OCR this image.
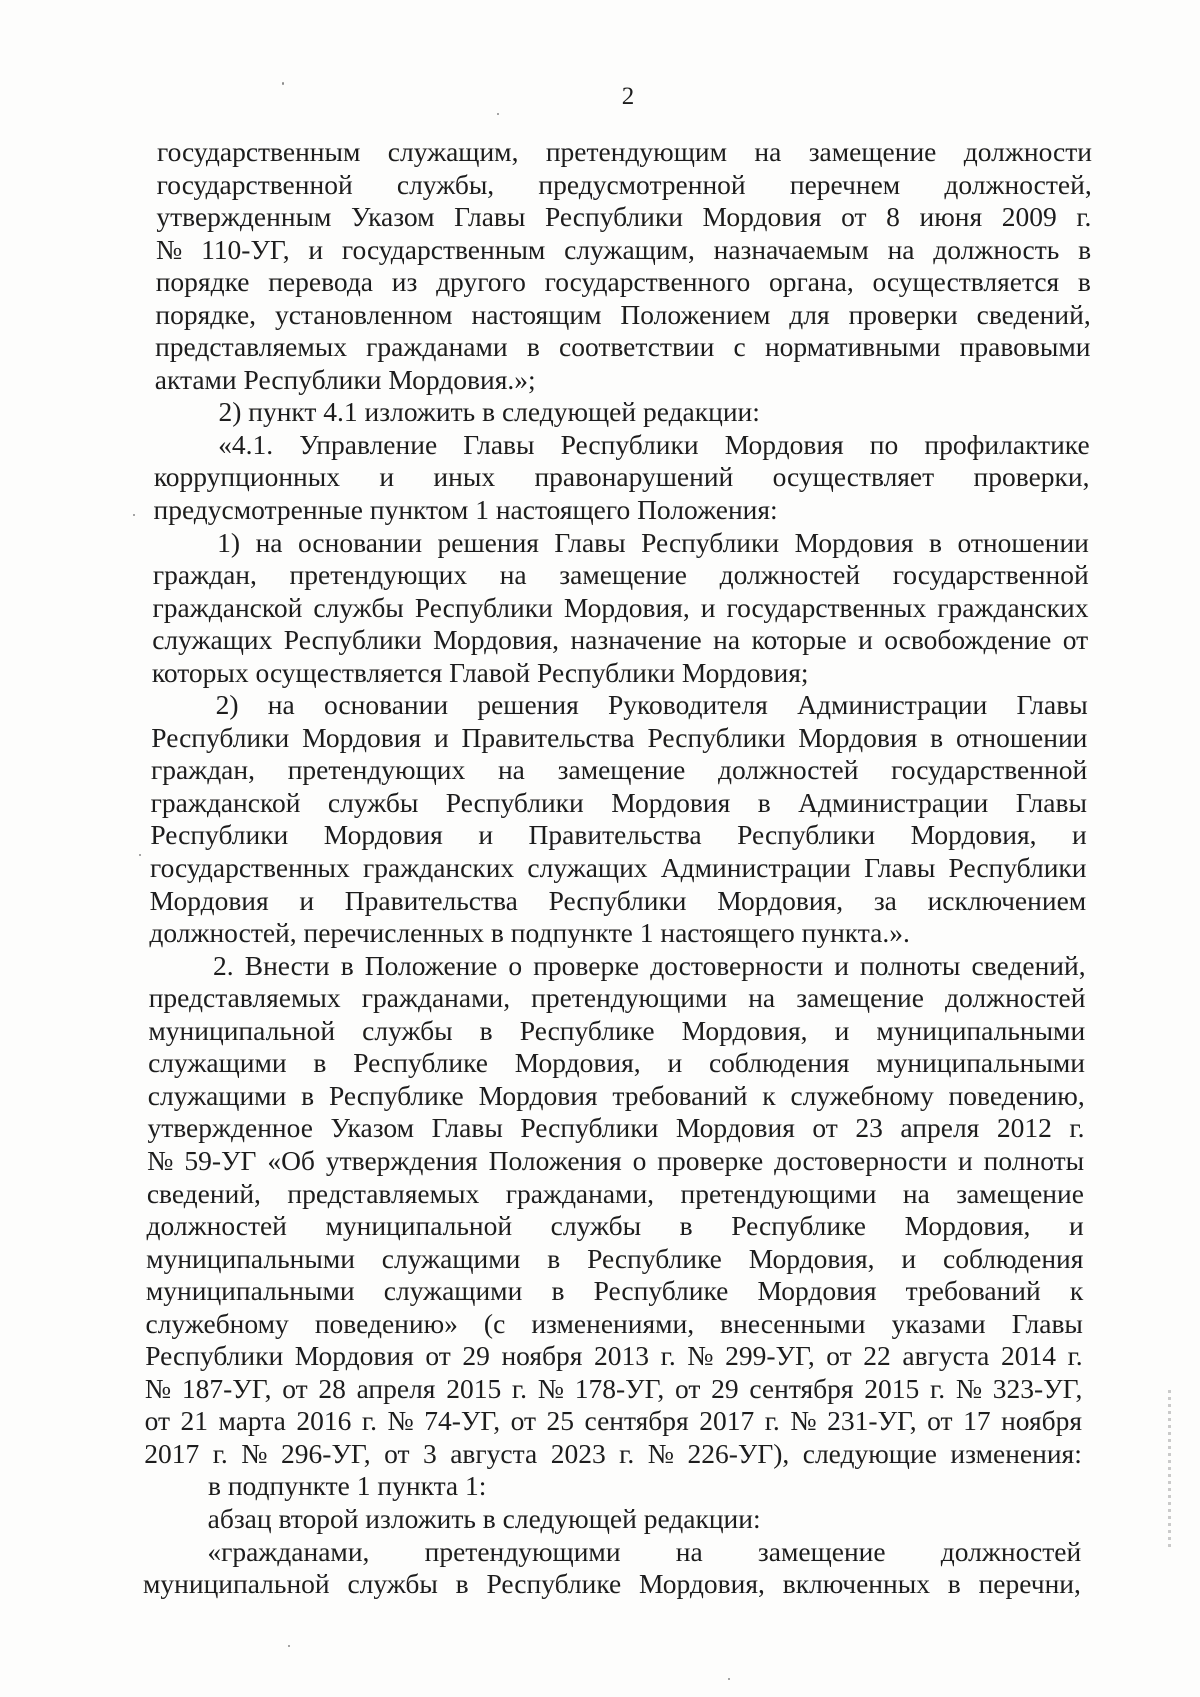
2
государственным служащим, претендующим на замещение должности
государственной службы, предусмотренной перечнем должностей,
утвержденным Указом Главы Республики Мордовия от 8 июня 2009 г.
№ 110-УГ, и государственным служащим, назначаемым на должность в
порядке перевода из другого государственного органа, осуществляется в
порядке, установленном настоящим Положением для проверки сведений,
представляемых гражданами в соответствии с нормативными правовыми
актами Республики Мордовия.»;
2) пункт 4.1 изложить в следующей редакции:
«4.1. Управление Главы Республики Мордовия по профилактике
коррупционных и иных правонарушений осуществляет проверки,
предусмотренные пунктом 1 настоящего Положения:
1) на основании решения Главы Республики Мордовия в отношении
граждан, претендующих на замещение должностей государственной
гражданской службы Республики Мордовия, и государственных гражданских
служащих Республики Мордовия, назначение на которые и освобождение от
которых осуществляется Главой Республики Мордовия;
2) на основании решения Руководителя Администрации Главы
Республики Мордовия и Правительства Республики Мордовия в отношении
граждан, претендующих на замещение должностей государственной
гражданской службы Республики Мордовия в Администрации Главы
Республики Мордовия и Правительства Республики Мордовия, и
государственных гражданских служащих Администрации Главы Республики
Мордовия и Правительства Республики Мордовия, за исключением
должностей, перечисленных в подпункте 1 настоящего пункта.».
2. Внести в Положение о проверке достоверности и полноты сведений,
представляемых гражданами, претендующими на замещение должностей
муниципальной службы в Республике Мордовия, и муниципальными
служащими в Республике Мордовия, и соблюдения муниципальными
служащими в Республике Мордовия требований к служебному поведению,
утвержденное Указом Главы Республики Мордовия от 23 апреля 2012 г.
№ 59-УГ «Об утверждения Положения о проверке достоверности и полноты
сведений, представляемых гражданами, претендующими на замещение
должностей муниципальной службы в Республике Мордовия, и
муниципальными служащими в Республике Мордовия, и соблюдения
муниципальными служащими в Республике Мордовия требований к
служебному поведению» (с изменениями, внесенными указами Главы
Республики Мордовия от 29 ноября 2013 г. № 299-УГ, от 22 августа 2014 г.
№ 187-УГ, от 28 апреля 2015 г. № 178-УГ, от 29 сентября 2015 г. № 323-УГ,
от 21 марта 2016 г. № 74-УГ, от 25 сентября 2017 г. № 231-УГ, от 17 ноября
2017 г. № 296-УГ, от 3 августа 2023 г. № 226-УГ), следующие изменения:
в подпункте 1 пункта 1:
абзац второй изложить в следующей редакции:
«гражданами, претендующими на замещение должностей
муниципальной службы в Республике Мордовия, включенных в перечни,
